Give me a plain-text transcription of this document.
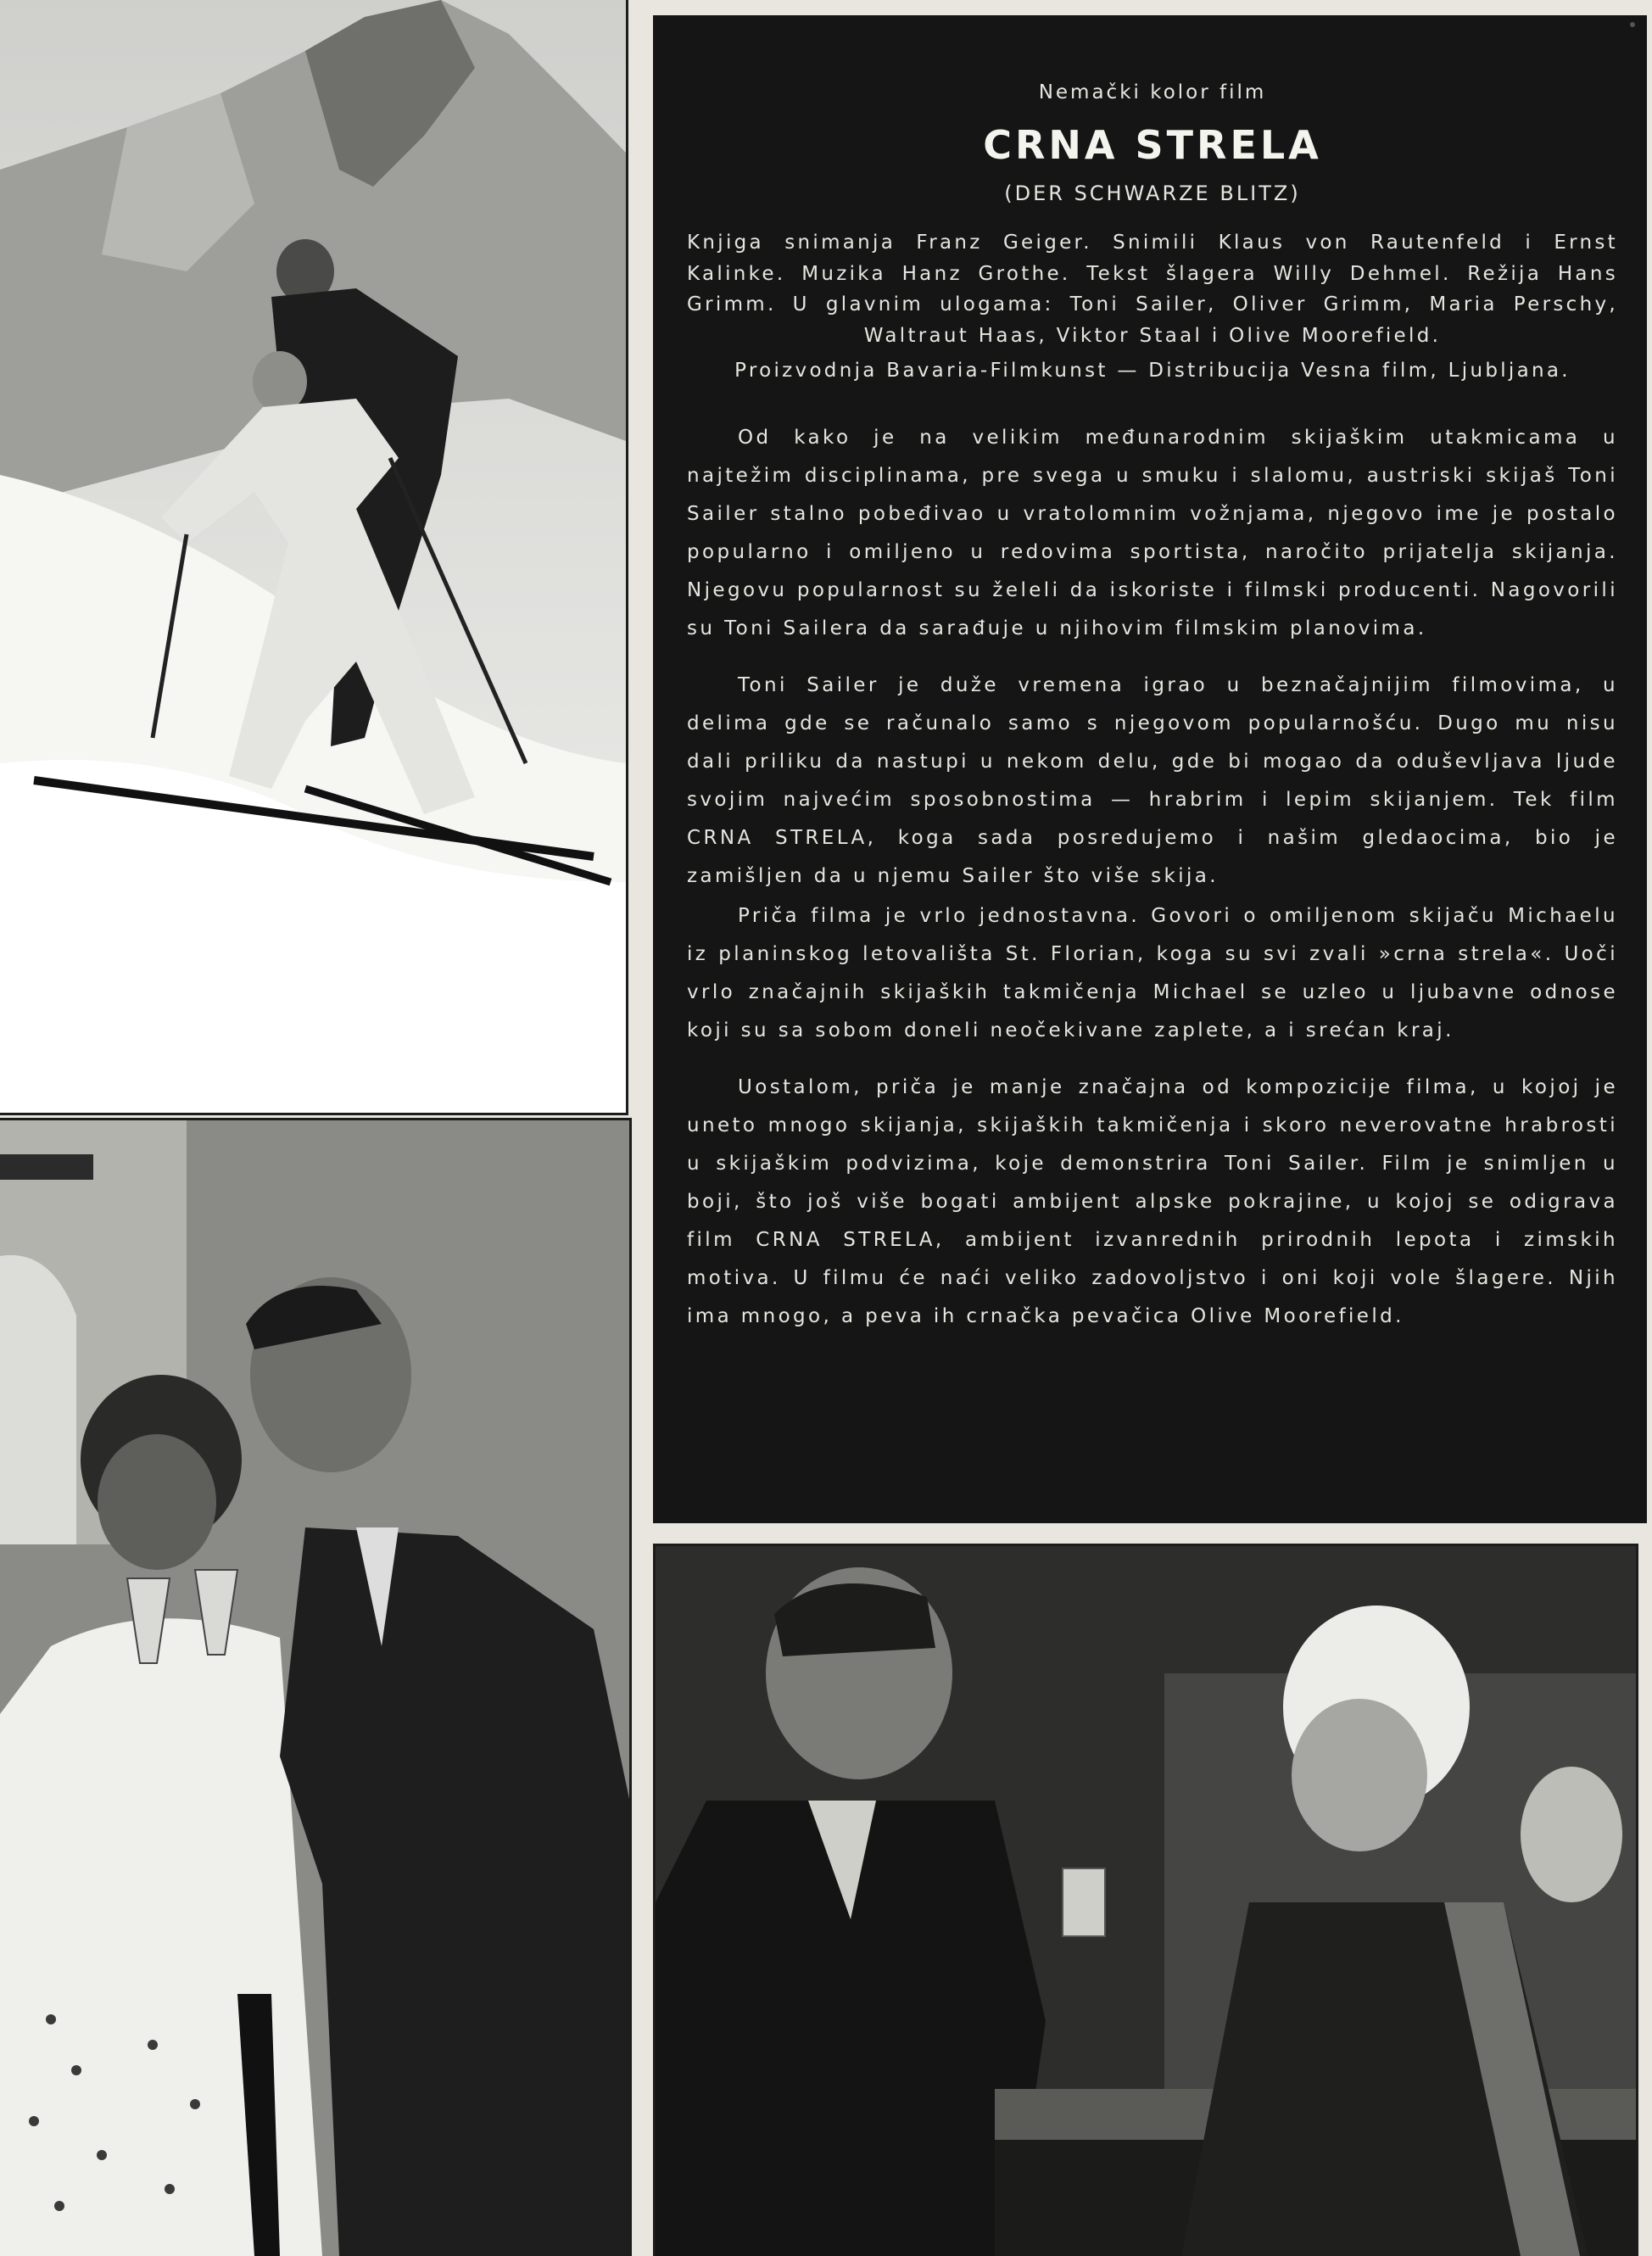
Nemački kolor film

CRNA STRELA

(DER SCHWARZE BLITZ)

Knjiga snimanja Franz Geiger. Snimili Klaus von Rautenfeld i Ernst Kalinke. Muzika Hanz Grothe. Tekst šlagera Willy Dehmel. Režija Hans Grimm. U glavnim ulogama: Toni Sailer, Oliver Grimm, Maria Perschy, Waltraut Haas, Viktor Staal i Olive Moorefield.

Proizvodnja Bavaria-Filmkunst — Distribucija Vesna film, Ljubljana.

Od kako je na velikim međunarodnim skijaškim utakmicama u najtežim disciplinama, pre svega u smuku i slalomu, austriski skijaš Toni Sailer stalno pobeđivao u vratolomnim vožnjama, njegovo ime je postalo popularno i omiljeno u redovima sportista, naročito prijatelja skijanja. Njegovu popularnost su želeli da iskoriste i filmski producenti. Nagovorili su Toni Sailera da sarađuje u njihovim filmskim planovima.

Toni Sailer je duže vremena igrao u beznačajnijim filmovima, u delima gde se računalo samo s njegovom popularnošću. Dugo mu nisu dali priliku da nastupi u nekom delu, gde bi mogao da oduševljava ljude svojim najvećim sposobnostima — hrabrim i lepim skijanjem. Tek film CRNA STRELA, koga sada posredujemo i našim gledaocima, bio je zamišljen da u njemu Sailer što više skija.

Priča filma je vrlo jednostavna. Govori o omiljenom skijaču Michaelu iz planinskog letovališta St. Florian, koga su svi zvali »crna strela«. Uoči vrlo značajnih skijaških takmičenja Michael se uzleo u ljubavne odnose koji su sa sobom doneli neočekivane zaplete, a i srećan kraj.

Uostalom, priča je manje značajna od kompozicije filma, u kojoj je uneto mnogo skijanja, skijaških takmičenja i skoro neverovatne hrabrosti u skijaškim podvizima, koje demonstrira Toni Sailer. Film je snimljen u boji, što još više bogati ambijent alpske pokrajine, u kojoj se odigrava film CRNA STRELA, ambijent izvanrednih prirodnih lepota i zimskih motiva. U filmu će naći veliko zadovoljstvo i oni koji vole šlagere. Njih ima mnogo, a peva ih crnačka pevačica Olive Moorefield.
